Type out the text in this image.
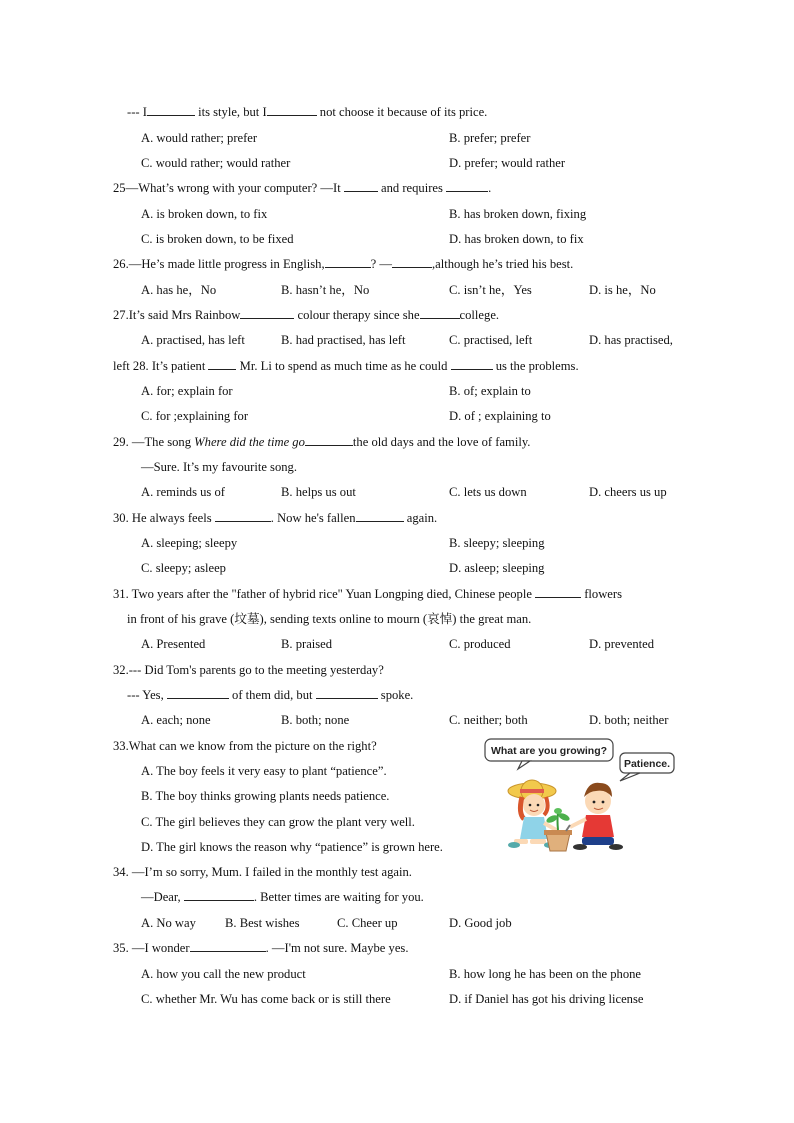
--- I	its style, but I	not choose it because of its price.
A. would rather; prefer	B. prefer; prefer
C. would rather; would rather	D. prefer; would rather
25—What’s wrong with your computer? —It	and requires	.
A. is broken down, to fix	B. has broken down, fixing
C. is broken down, to be fixed	D. has broken down, to fix
26.—He’s made little progress in English,	? —	,although he’s tried his best.
A. has he，No	B. hasn’t he，No	C. isn’t he，Yes	D. is he，No
27.It’s said Mrs Rainbow	colour therapy since she	college.
A. practised, has left	B. had practised, has left	C. practised, left	D. has practised,
left 28. It’s patient  Mr. Li to spend as much time as he could	us the problems.
A. for; explain for	B. of; explain to
C. for ;explaining for	D. of ; explaining to
29. —The song Where did the time go	the old days and the love of family.
—Sure. It’s my favourite song.
A. reminds us of	B. helps us out	C. lets us down	D. cheers us up
30. He always feels	. Now he's fallen	again.
A. sleeping; sleepy	B. sleepy; sleeping
C. sleepy; asleep	D. asleep; sleeping
31. Two years after the "father of hybrid rice" Yuan Longping died, Chinese people	flowers
in front of his grave (坟墓), sending texts online to mourn (哀悼) the great man.
A. Presented	B. praised	C. produced	D. prevented
32.--- Did Tom's parents go to the meeting yesterday?
--- Yes,	of them did, but	spoke.
A. each; none	B. both; none	C. neither; both	D. both; neither
33.What can we know from the picture on the right?
A. The boy feels it very easy to plant “patience”.
B. The boy thinks growing plants needs patience.
C. The girl believes they can grow the plant very well.
D. The girl knows the reason why “patience” is grown here.
What are you growing?
Patience.
34. —I’m so sorry, Mum. I failed in the monthly test again.
—Dear,	. Better times are waiting for you.
A. No way B. Best wishes	C. Cheer up	D. Good job
35. —I wonder	. —I'm not sure. Maybe yes.
A. how you call the new product	B. how long he has been on the phone
C. whether Mr. Wu has come back or is still there	D. if Daniel has got his driving license
